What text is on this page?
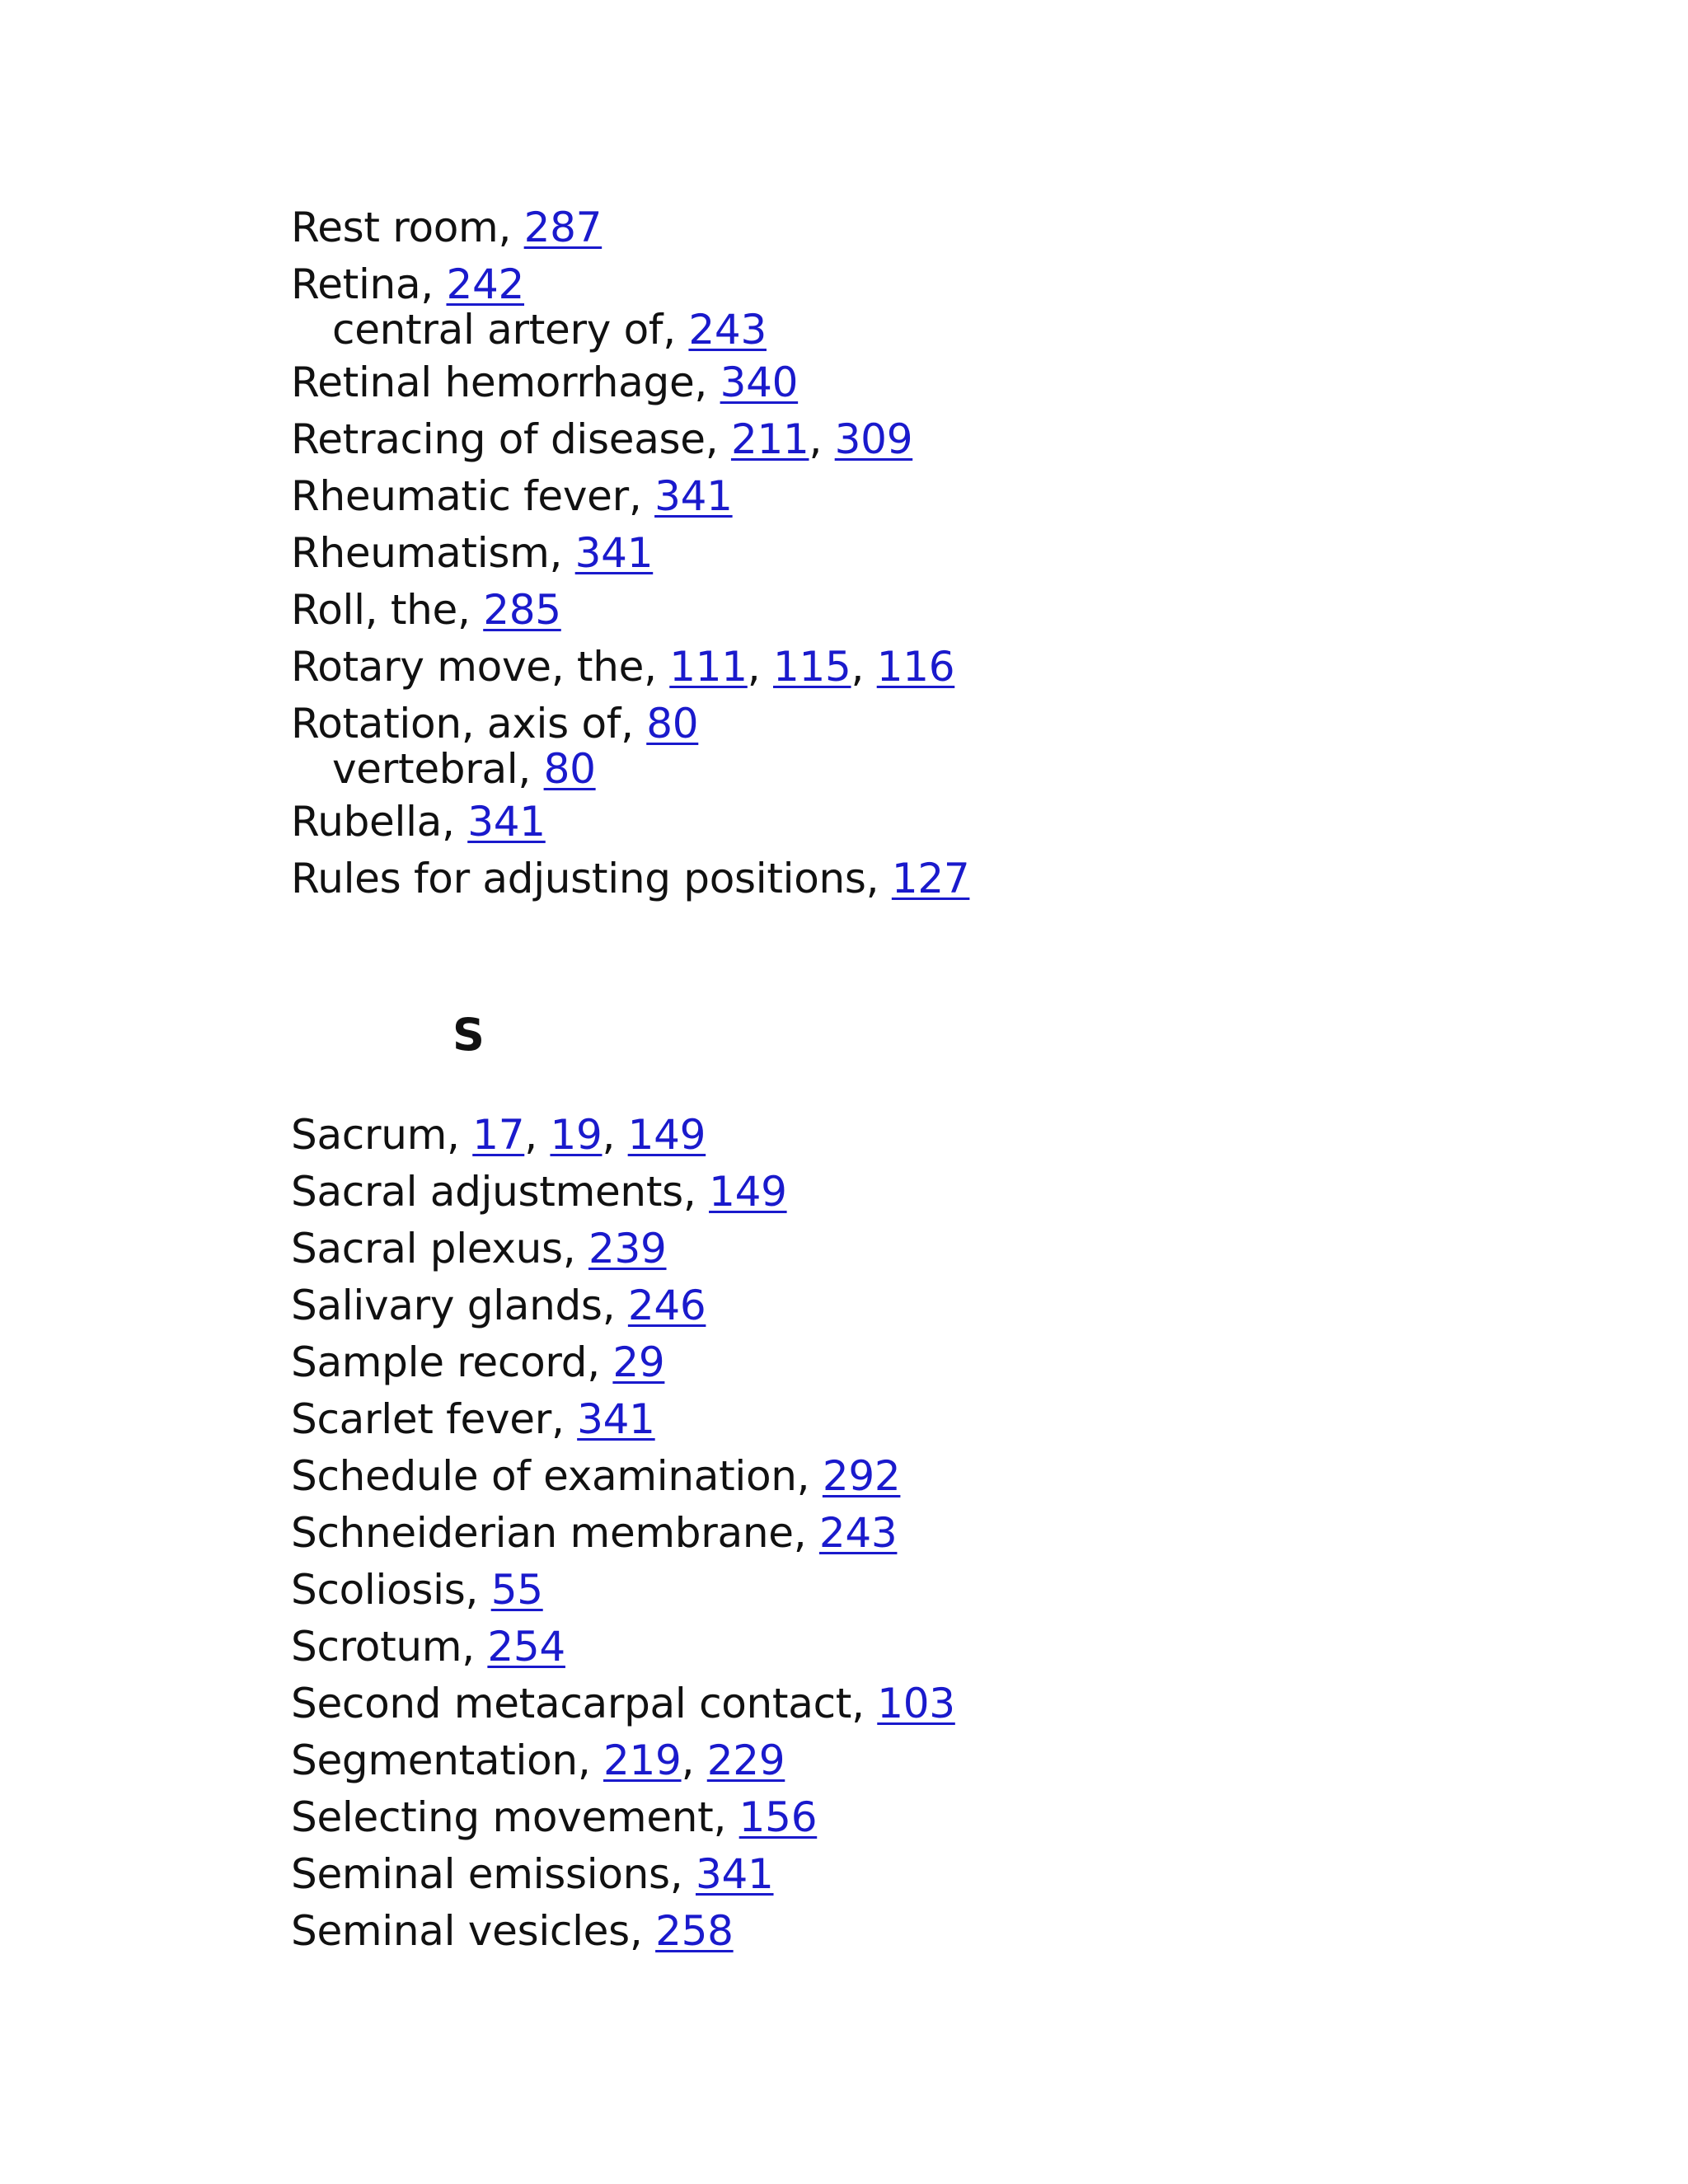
Rest room, 287
Retina, 242
central artery of, 243
Retinal hemorrhage, 340
Retracing of disease, 211, 309
Rheumatic fever, 341
Rheumatism, 341
Roll, the, 285
Rotary move, the, 111, 115, 116
Rotation, axis of, 80
vertebral, 80
Rubella, 341
Rules for adjusting positions, 127
S
Sacrum, 17, 19, 149
Sacral adjustments, 149
Sacral plexus, 239
Salivary glands, 246
Sample record, 29
Scarlet fever, 341
Schedule of examination, 292
Schneiderian membrane, 243
Scoliosis, 55
Scrotum, 254
Second metacarpal contact, 103
Segmentation, 219, 229
Selecting movement, 156
Seminal emissions, 341
Seminal vesicles, 258
